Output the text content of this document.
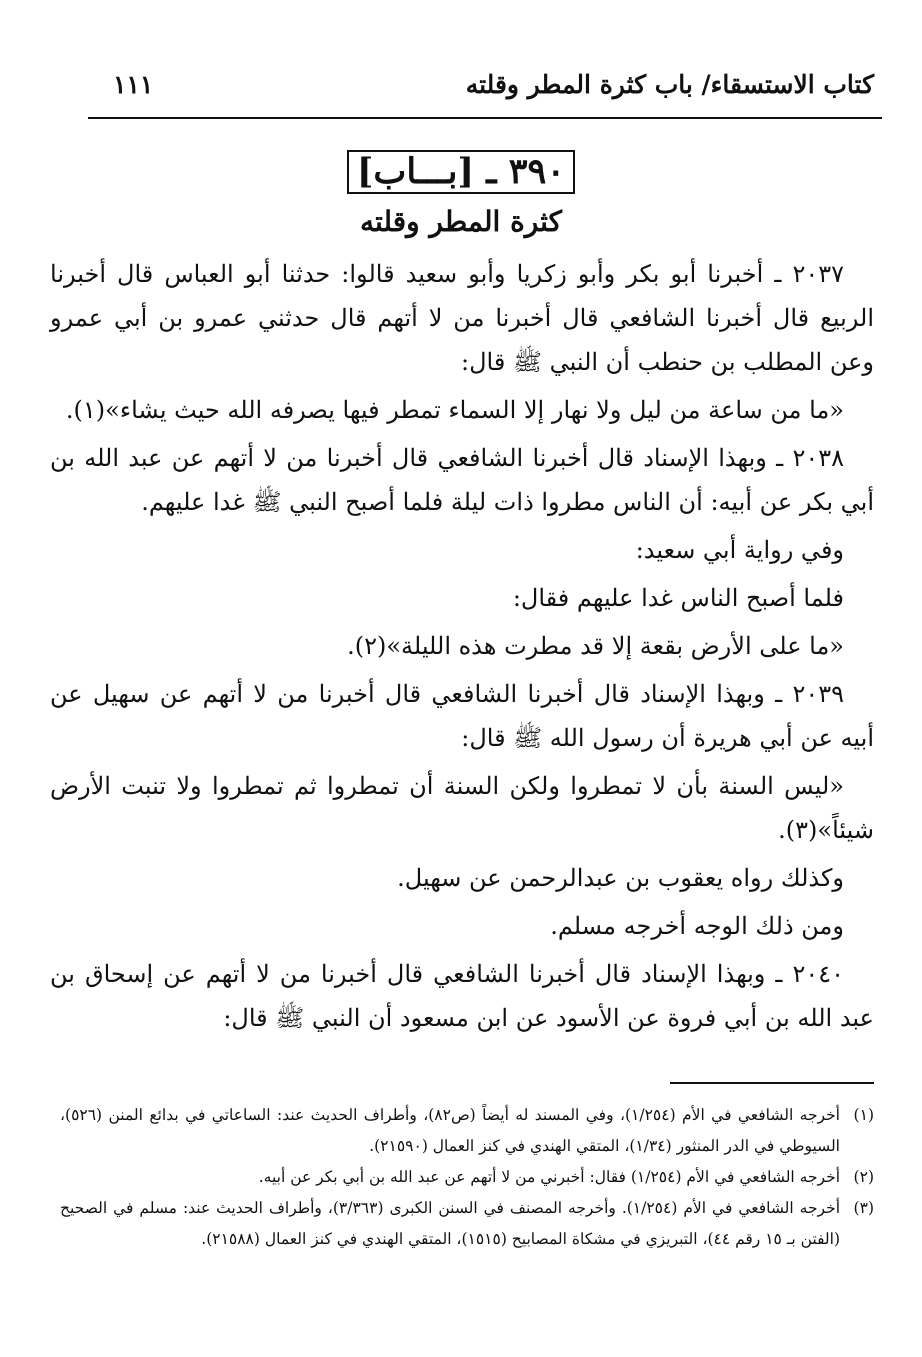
كتاب الاستسقاء/ باب كثرة المطر وقلته
١١١
٣٩٠ ـ [بـــاب]
كثرة المطر وقلته

٢٠٣٧ ـ أخبرنا أبو بكر وأبو زكريا وأبو سعيد قالوا: حدثنا أبو العباس قال أخبرنا الربيع قال أخبرنا الشافعي قال أخبرنا من لا أتهم قال حدثني عمرو بن أبي عمرو وعن المطلب بن حنطب أن النبي ﷺ قال:

«ما من ساعة من ليل ولا نهار إلا السماء تمطر فيها يصرفه الله حيث يشاء»(١).

٢٠٣٨ ـ وبهذا الإسناد قال أخبرنا الشافعي قال أخبرنا من لا أتهم عن عبد الله بن أبي بكر عن أبيه: أن الناس مطروا ذات ليلة فلما أصبح النبي ﷺ غدا عليهم.

وفي رواية أبي سعيد:

فلما أصبح الناس غدا عليهم فقال:

«ما على الأرض بقعة إلا قد مطرت هذه الليلة»(٢).

٢٠٣٩ ـ وبهذا الإسناد قال أخبرنا الشافعي قال أخبرنا من لا أتهم عن سهيل عن أبيه عن أبي هريرة أن رسول الله ﷺ قال:

«ليس السنة بأن لا تمطروا ولكن السنة أن تمطروا ثم تمطروا ولا تنبت الأرض شيئاً»(٣).

وكذلك رواه يعقوب بن عبدالرحمن عن سهيل.

ومن ذلك الوجه أخرجه مسلم.

٢٠٤٠ ـ وبهذا الإسناد قال أخبرنا الشافعي قال أخبرنا من لا أتهم عن إسحاق بن عبد الله بن أبي فروة عن الأسود عن ابن مسعود أن النبي ﷺ قال:

(١)
أخرجه الشافعي في الأم (١/٢٥٤)، وفي المسند له أيضاً (ص٨٢)، وأطراف الحديث عند: الساعاتي في بدائع المنن (٥٢٦)، السيوطي في الدر المنثور (١/٣٤)، المتقي الهندي في كنز العمال (٢١٥٩٠).

(٢)
أخرجه الشافعي في الأم (١/٢٥٤) فقال: أخبرني من لا أتهم عن عبد الله بن أبي بكر عن أبيه.

(٣)
أخرجه الشافعي في الأم (١/٢٥٤). وأخرجه المصنف في السنن الكبرى (٣/٣٦٣)، وأطراف الحديث عند: مسلم في الصحيح (الفتن بـ ١٥ رقم ٤٤)، التبريزي في مشكاة المصابيح (١٥١٥)، المتقي الهندي في كنز العمال (٢١٥٨٨).
